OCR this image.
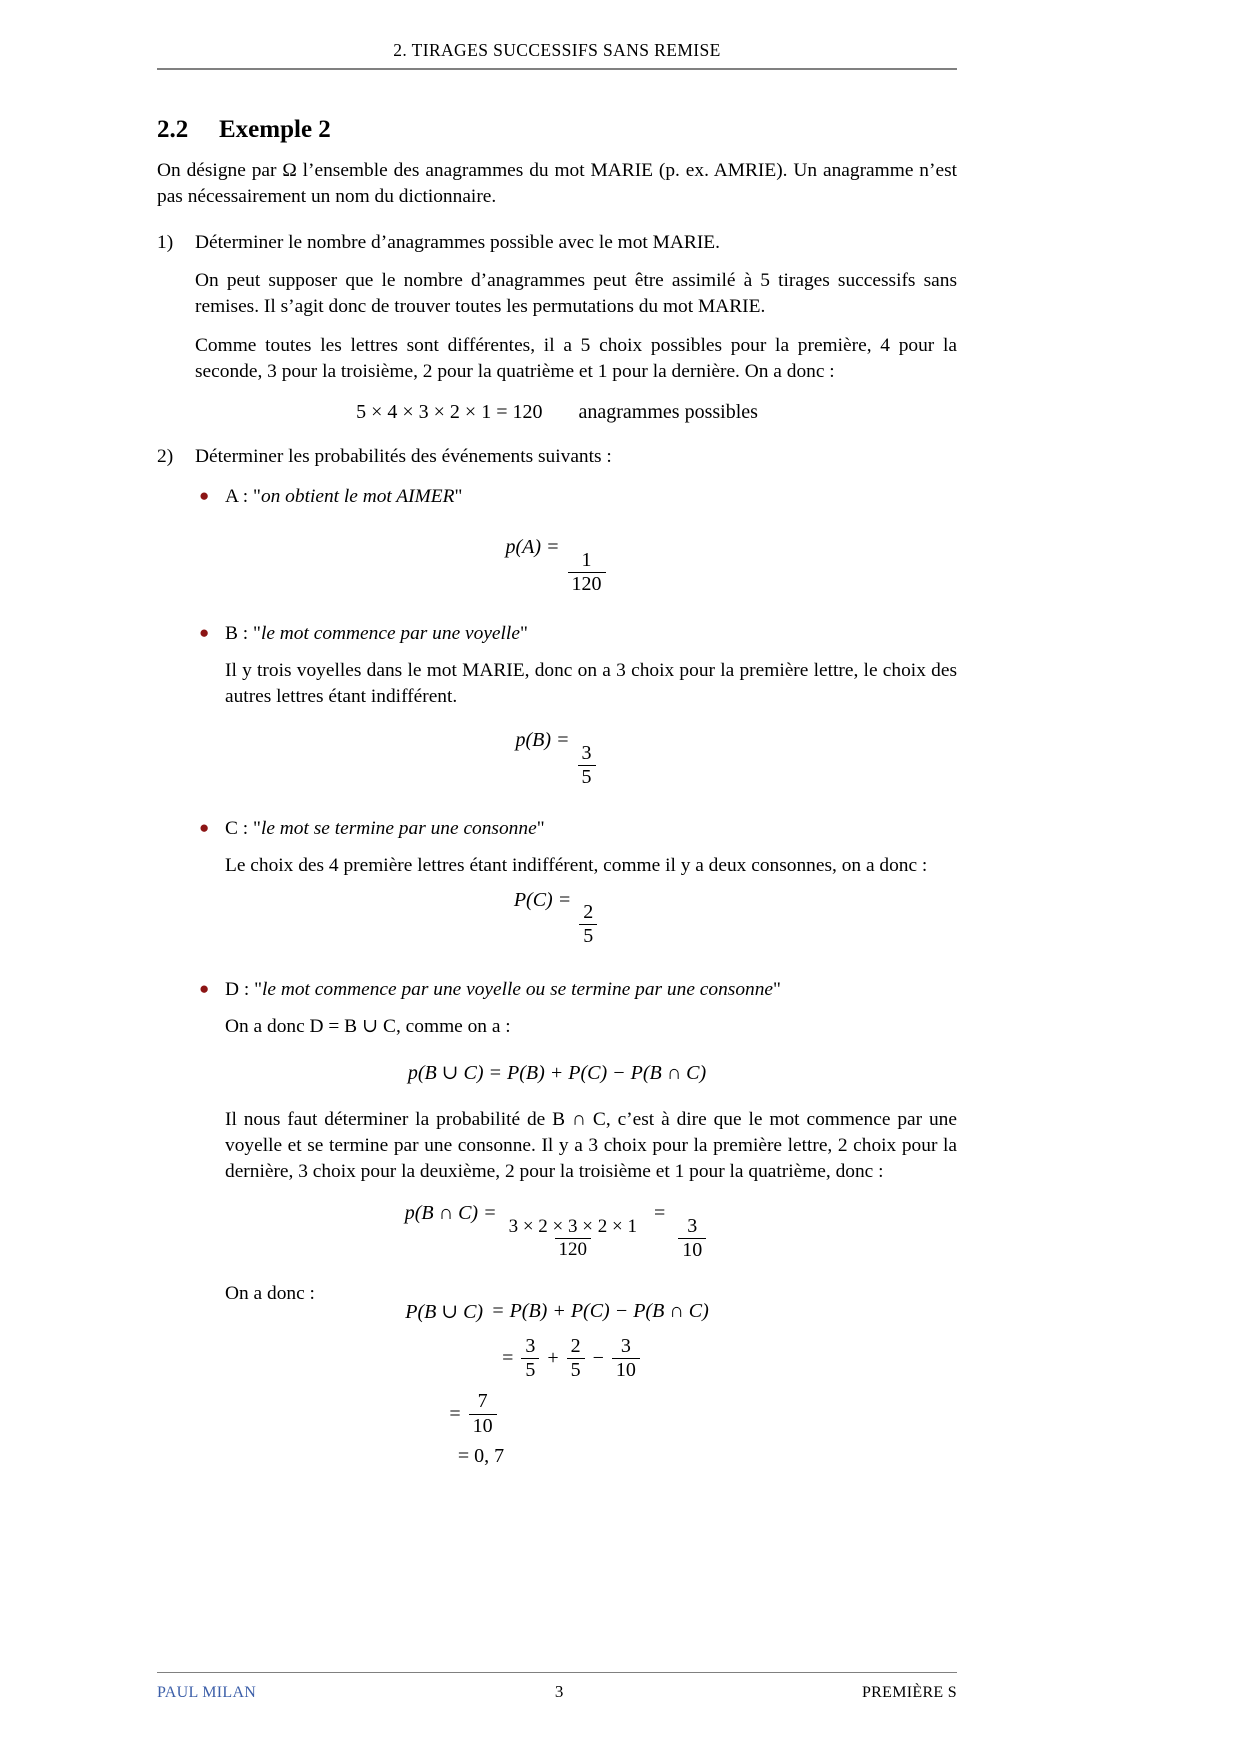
2. TIRAGES SUCCESSIFS SANS REMISE
2.2	Exemple 2

On désigne par Ω l’ensemble des anagrammes du mot MARIE (p. ex. AMRIE). Un anagramme n’est pas nécessairement un nom du dictionnaire.

1)	Déterminer le nombre d’anagrammes possible avec le mot MARIE.

On peut supposer que le nombre d’anagrammes peut être assimilé à 5 tirages successifs sans remises. Il s’agit donc de trouver toutes les permutations du mot MARIE.

Comme toutes les lettres sont différentes, il a 5 choix possibles pour la première, 4 pour la seconde, 3 pour la troisième, 2 pour la quatrième et 1 pour la dernière. On a donc :

5 × 4 × 3 × 2 × 1 = 120 anagrammes possibles
2)	Déterminer les probabilités des événements suivants :
● A : "on obtient le mot AIMER"
p(A) =
$\frac{1}{120}$
● B : "le mot commence par une voyelle"

Il y trois voyelles dans le mot MARIE, donc on a 3 choix pour la première lettre, le choix des autres lettres étant indifférent.

p(B) =
$\frac{3}{5}$
● C : "le mot se termine par une consonne"

Le choix des 4 première lettres étant indifférent, comme il y a deux consonnes, on a donc :

P(C) =
$\frac{2}{5}$
● D : "le mot commence par une voyelle ou se termine par une consonne"

On a donc D = B ∪ C, comme on a :

p(B ∪ C) = P(B) + P(C) − P(B ∩ C)

Il nous faut déterminer la probabilité de B ∩ C, c’est à dire que le mot commence par une voyelle et se termine par une consonne. Il y a 3 choix pour la première lettre, 2 choix pour la dernière, 3 choix pour la deuxième, 2 pour la troisième et 1 pour la quatrième, donc :

p(B ∩ C) =
$\frac{3 \times 2 \times 3 \times 2 \times 1}{120}$
=
$\frac{3}{10}$

On a donc :

P(B ∪ C) = P(B) + P(C) − P(B ∩ C)
= $\frac{3}{5} + \frac{2}{5} - \frac{3}{10}$
= $\frac{7}{10}$
= 0, 7
PAUL MILAN	3	PREMIÈRE S
